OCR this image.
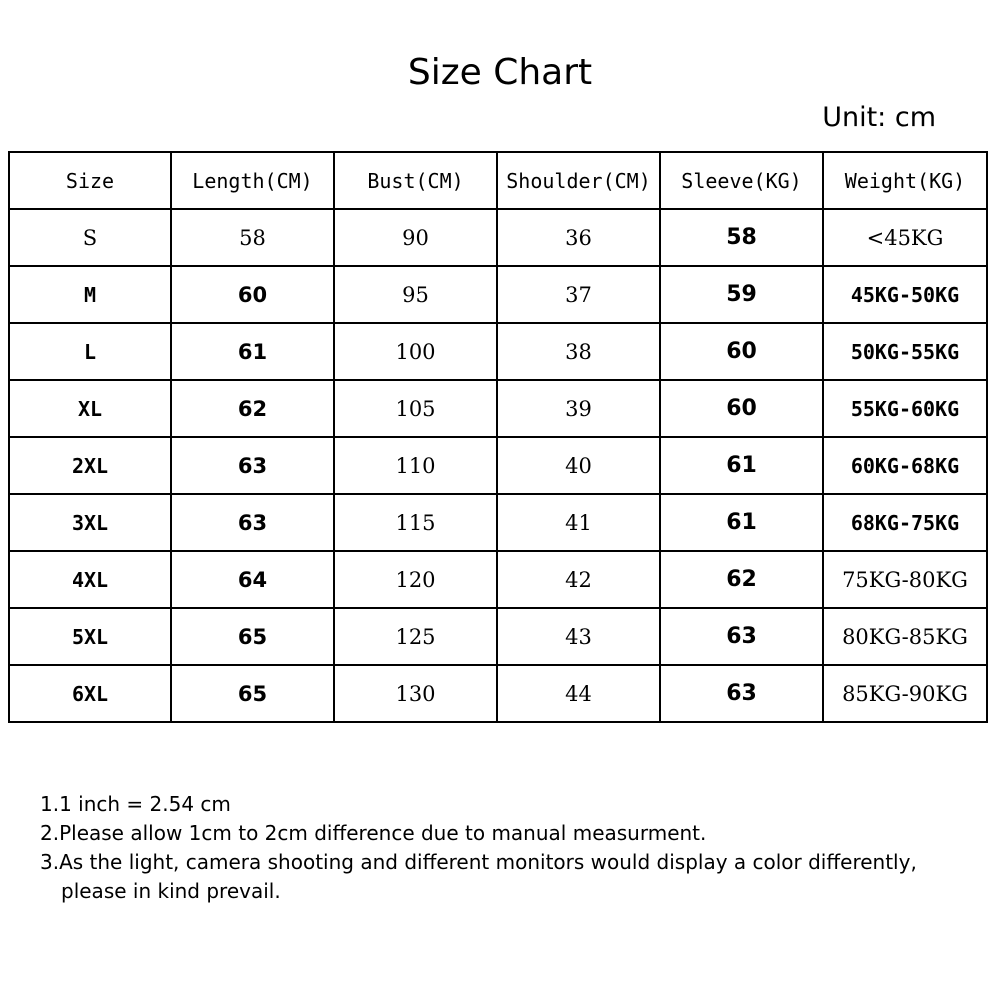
Size Chart
Unit: cm
Size	Length(CM)	Bust(CM)	Shoulder(CM)	Sleeve(KG)	Weight(KG)
S	58	90	36	58	<45KG
M	60	95	37	59	45KG-50KG
L	61	100	38	60	50KG-55KG
XL	62	105	39	60	55KG-60KG
2XL	63	110	40	61	60KG-68KG
3XL	63	115	41	61	68KG-75KG
4XL	64	120	42	62	75KG-80KG
5XL	65	125	43	63	80KG-85KG
6XL	65	130	44	63	85KG-90KG

1.1 inch = 2.54 cm

2.Please allow 1cm to 2cm difference due to manual measurment.

3.As the light, camera shooting and different monitors would display a color differently,

please in kind prevail.
